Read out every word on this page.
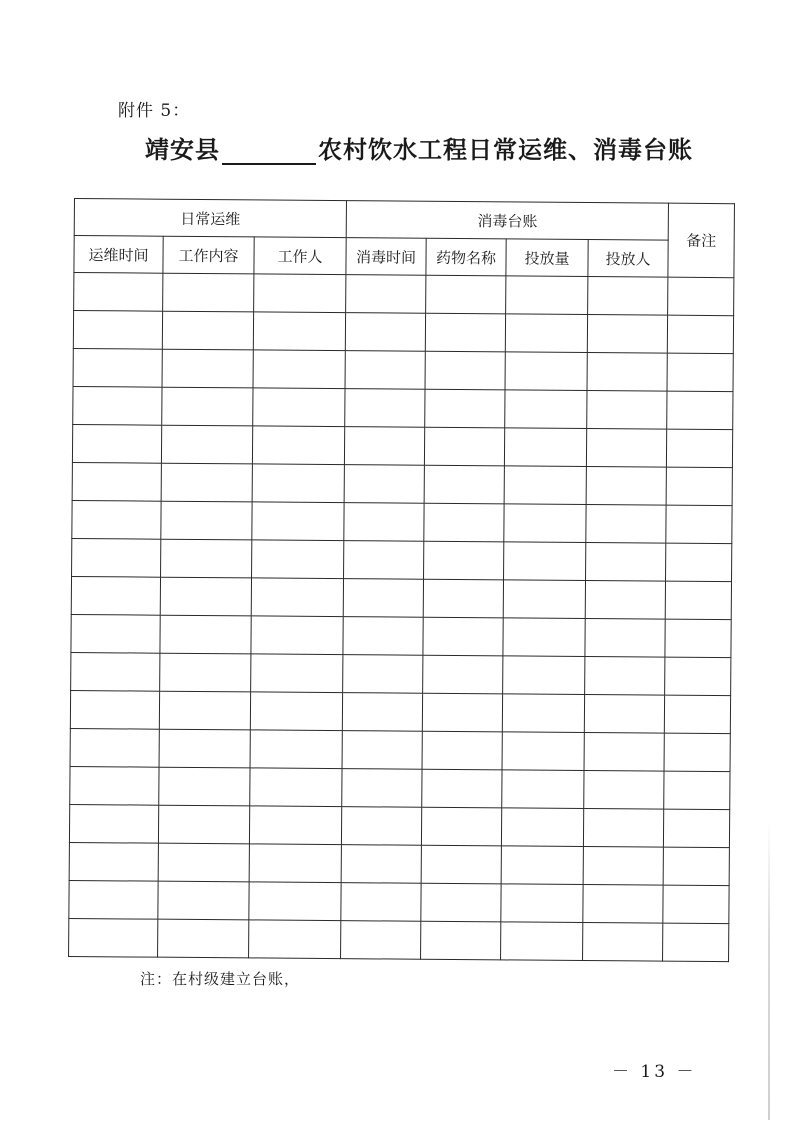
附件 5：
靖安县	农村饮水工程日常运维、消毒台账
日常运维			消毒台账				备注
运维时间	工作内容	工作人	消毒时间	药物名称	投放量	投放人	

注：在村级建立台账，
－ 13 －
